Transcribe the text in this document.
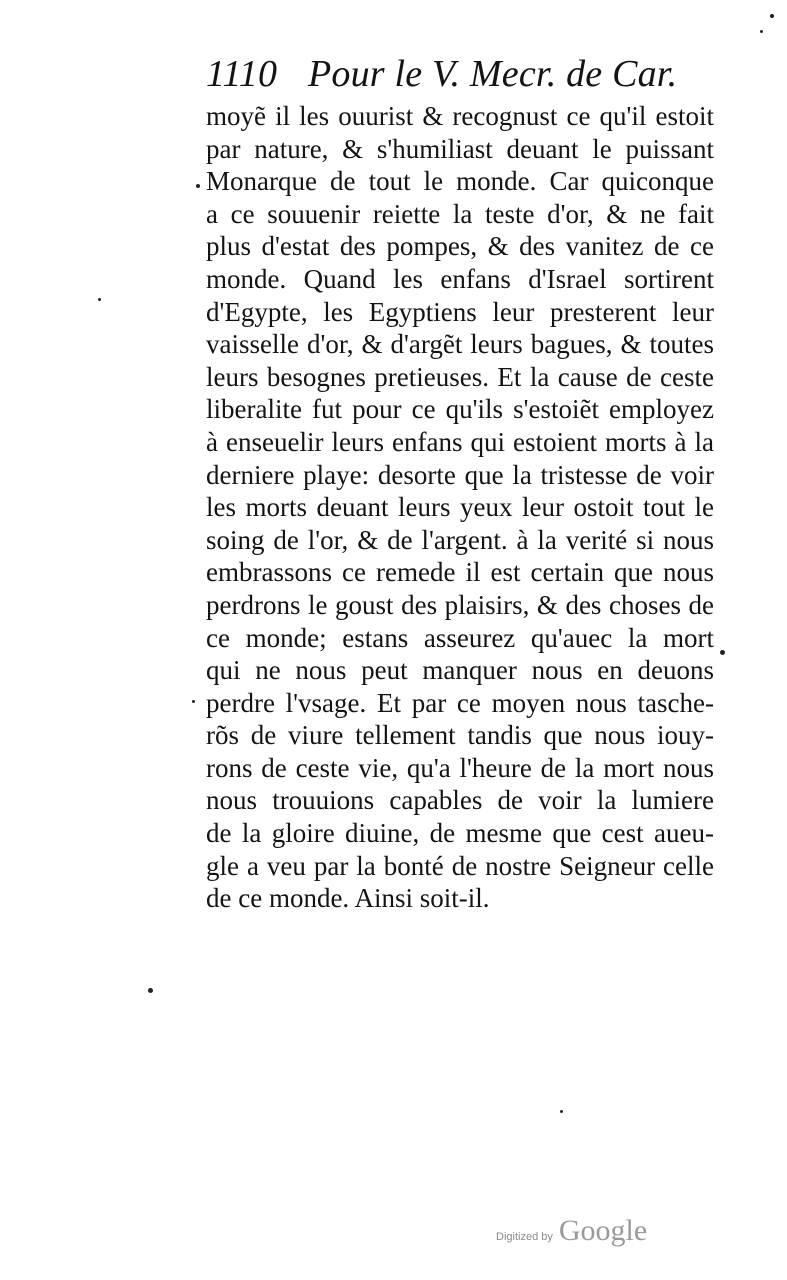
1110 Pour le V. Mecr. de Car.
moyẽ il les ouurist & recognust ce qu'il estoit
par nature, & s'humiliast deuant le puissant
Monarque de tout le monde. Car quiconque
a ce souuenir reiette la teste d'or, & ne fait
plus d'estat des pompes, & des vanitez de ce
monde. Quand les enfans d'Israel sortirent
d'Egypte, les Egyptiens leur presterent leur
vaisselle d'or, & d'argẽt leurs bagues, & toutes
leurs besognes pretieuses. Et la cause de ceste
liberalite fut pour ce qu'ils s'estoiẽt employez
à enseuelir leurs enfans qui estoient morts à la
derniere playe: desorte que la tristesse de voir
les morts deuant leurs yeux leur ostoit tout le
soing de l'or, & de l'argent. à la verité si nous
embrassons ce remede il est certain que nous
perdrons le goust des plaisirs, & des choses de
ce monde; estans asseurez qu'auec la mort
qui ne nous peut manquer nous en deuons
perdre l'vsage. Et par ce moyen nous tasche-
rõs de viure tellement tandis que nous iouy-
rons de ceste vie, qu'a l'heure de la mort nous
nous trouuions capables de voir la lumiere
de la gloire diuine, de mesme que cest aueu-
gle a veu par la bonté de nostre Seigneur celle
de ce monde. Ainsi soit-il.
Digitized by Google
